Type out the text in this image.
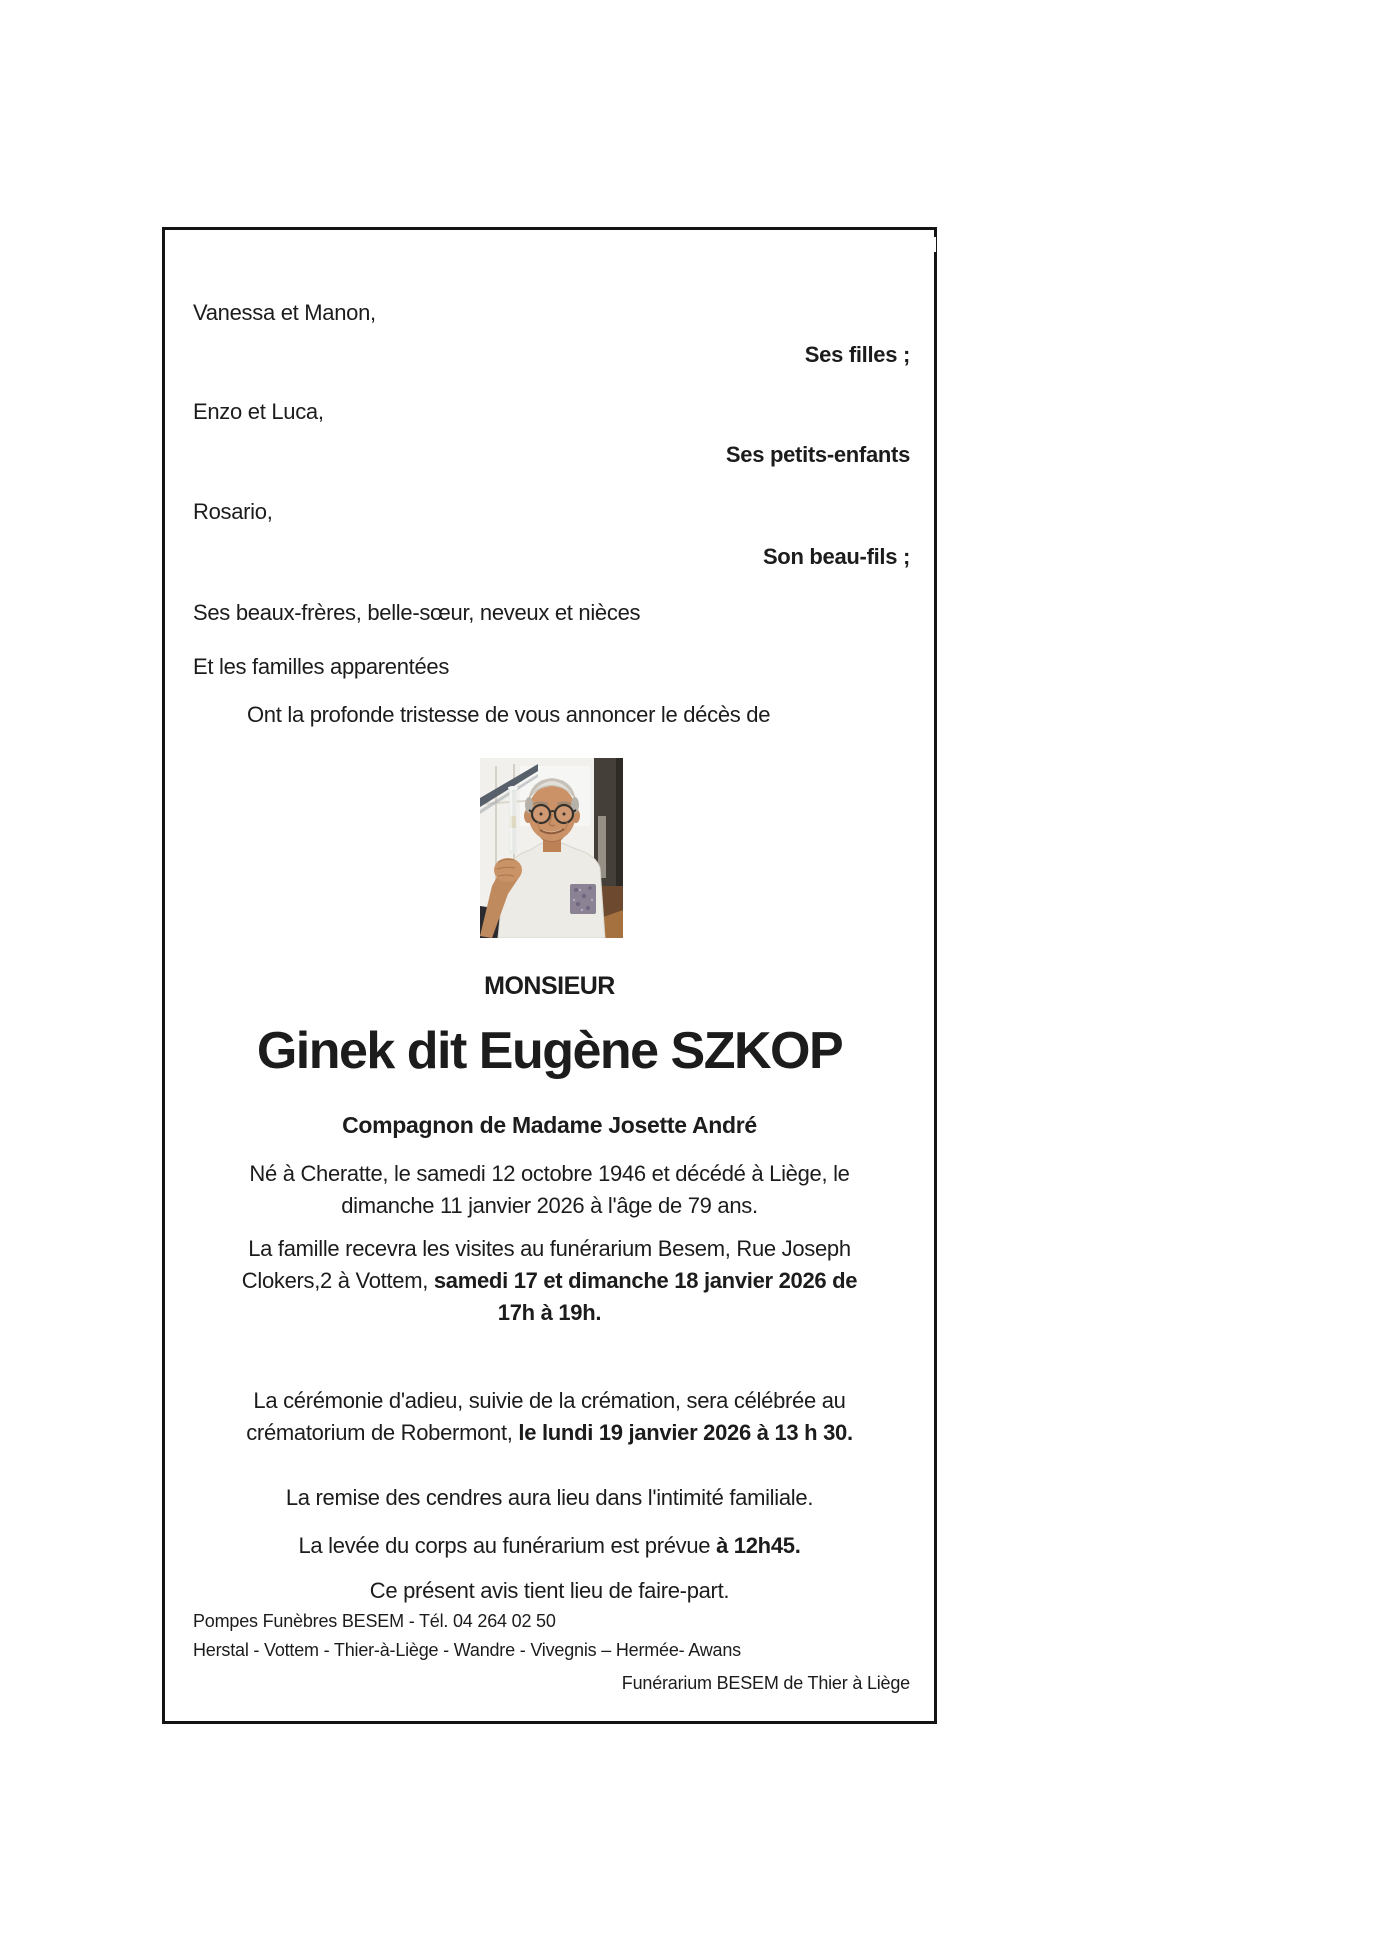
Vanessa et Manon,
Ses filles ;
Enzo et Luca,
Ses petits-enfants
Rosario,
Son beau-fils ;
Ses beaux-frères, belle-sœur, neveux et nièces
Et les familles apparentées
Ont la profonde tristesse de vous annoncer le décès de
MONSIEUR
Ginek dit Eugène SZKOP
Compagnon de Madame Josette André
Né à Cheratte, le samedi 12 octobre 1946 et décédé à Liège, le
dimanche 11 janvier 2026 à l'âge de 79 ans.
La famille recevra les visites au funérarium Besem, Rue Joseph
Clokers,2 à Vottem, samedi 17 et dimanche 18 janvier 2026 de
17h à 19h.
La cérémonie d'adieu, suivie de la crémation, sera célébrée au
crématorium de Robermont, le lundi 19 janvier 2026 à 13 h 30.
La remise des cendres aura lieu dans l'intimité familiale.
La levée du corps au funérarium est prévue à 12h45.
Ce présent avis tient lieu de faire-part.
Pompes Funèbres BESEM - Tél. 04 264 02 50
Herstal - Vottem - Thier-à-Liège - Wandre - Vivegnis – Hermée- Awans
Funérarium BESEM de Thier à Liège
